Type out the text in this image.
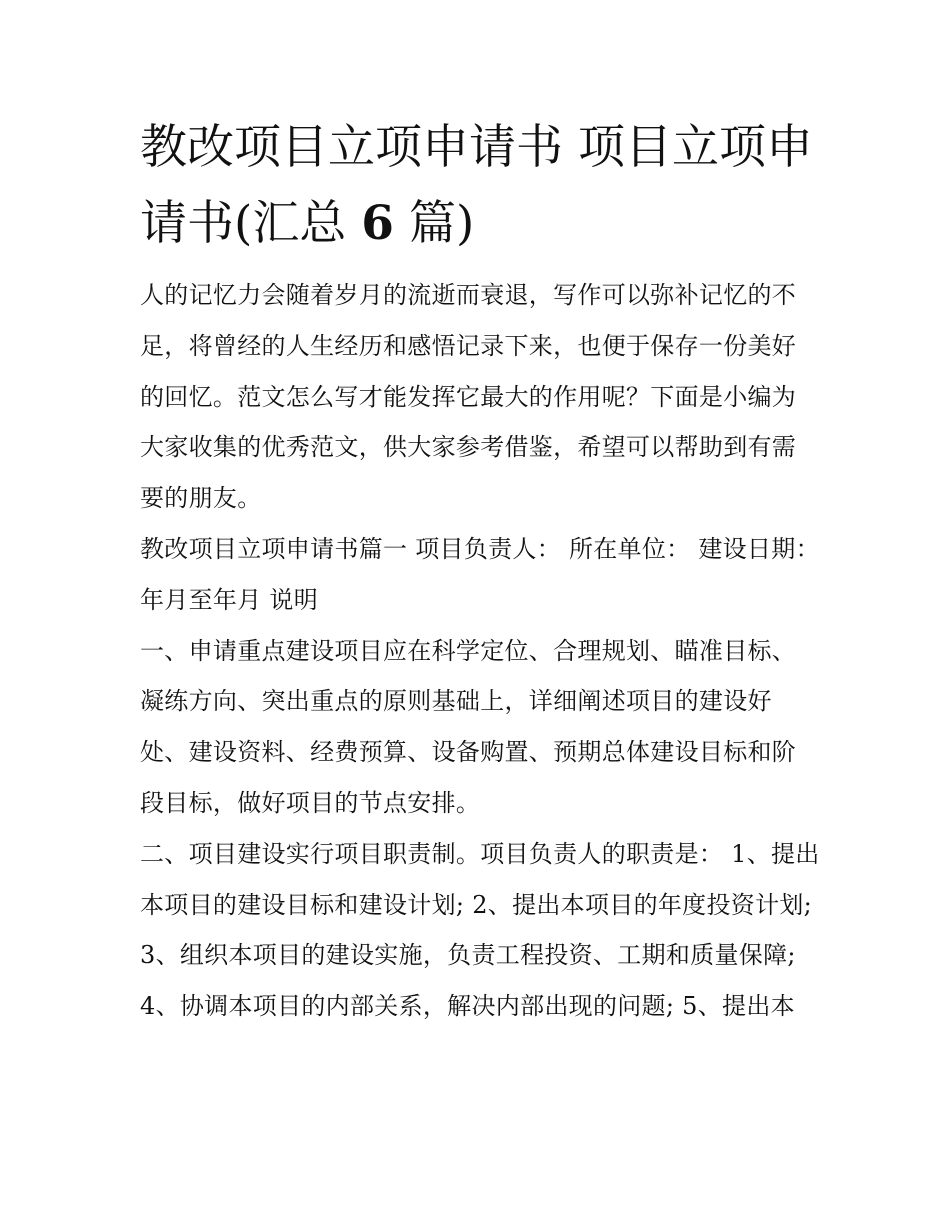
教改项目立项申请书 项目立项申请书(汇总 6 篇)

人的记忆力会随着岁月的流逝而衰退，写作可以弥补记忆的不足，将曾经的人生经历和感悟记录下来，也便于保存一份美好的回忆。范文怎么写才能发挥它最大的作用呢？下面是小编为大家收集的优秀范文，供大家参考借鉴，希望可以帮助到有需要的朋友。

教改项目立项申请书篇一 项目负责人： 所在单位： 建设日期：年月至年月 说明

一、申请重点建设项目应在科学定位、合理规划、瞄准目标、凝练方向、突出重点的原则基础上，详细阐述项目的建设好处、建设资料、经费预算、设备购置、预期总体建设目标和阶段目标，做好项目的节点安排。

二、项目建设实行项目职责制。项目负责人的职责是： 1、提出本项目的建设目标和建设计划; 2、提出本项目的年度投资计划;

3、组织本项目的建设实施，负责工程投资、工期和质量保障; 4、协调本项目的内部关系，解决内部出现的问题; 5、提出本
